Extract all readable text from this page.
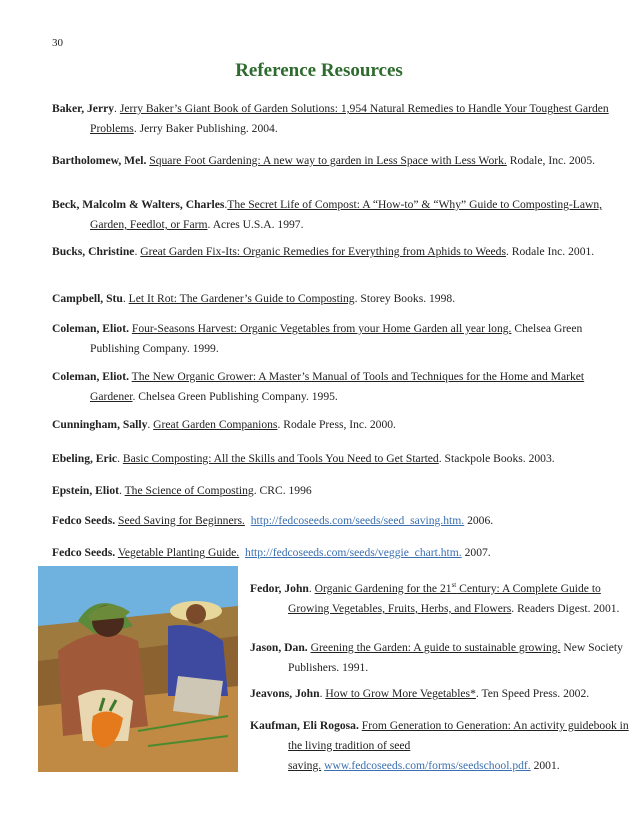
30
Reference Resources
Baker, Jerry. Jerry Baker’s Giant Book of Garden Solutions: 1,954 Natural Remedies to Handle Your Toughest Garden Problems. Jerry Baker Publishing. 2004.
Bartholomew, Mel. Square Foot Gardening: A new way to garden in Less Space with Less Work. Rodale, Inc. 2005.
Beck, Malcolm & Walters, Charles.The Secret Life of Compost: A “How-to” & “Why” Guide to Composting-Lawn, Garden, Feedlot, or Farm. Acres U.S.A. 1997.
Bucks, Christine. Great Garden Fix-Its: Organic Remedies for Everything from Aphids to Weeds. Rodale Inc. 2001.
Campbell, Stu. Let It Rot: The Gardener’s Guide to Composting. Storey Books. 1998.
Coleman, Eliot. Four-Seasons Harvest: Organic Vegetables from your Home Garden all year long. Chelsea Green Publishing Company. 1999.
Coleman, Eliot. The New Organic Grower: A Master’s Manual of Tools and Techniques for the Home and Market Gardener. Chelsea Green Publishing Company. 1995.
Cunningham, Sally. Great Garden Companions. Rodale Press, Inc. 2000.
Ebeling, Eric. Basic Composting: All the Skills and Tools You Need to Get Started. Stackpole Books. 2003.
Epstein, Eliot. The Science of Composting. CRC. 1996
Fedco Seeds. Seed Saving for Beginners. http://fedcoseeds.com/seeds/seed_saving.htm. 2006.
Fedco Seeds. Vegetable Planting Guide. http://fedcoseeds.com/seeds/veggie_chart.htm. 2007.
Fedor, John. Organic Gardening for the 21st Century: A Complete Guide to Growing Vegetables, Fruits, Herbs, and Flowers. Readers Digest. 2001.
Jason, Dan. Greening the Garden: A guide to sustainable growing. New Society Publishers. 1991.
Jeavons, John. How to Grow More Vegetables*. Ten Speed Press. 2002.
Kaufman, Eli Rogosa. From Generation to Generation: An activity guidebook in the living tradition of seed saving. www.fedcoseeds.com/forms/seedschool.pdf. 2001.
